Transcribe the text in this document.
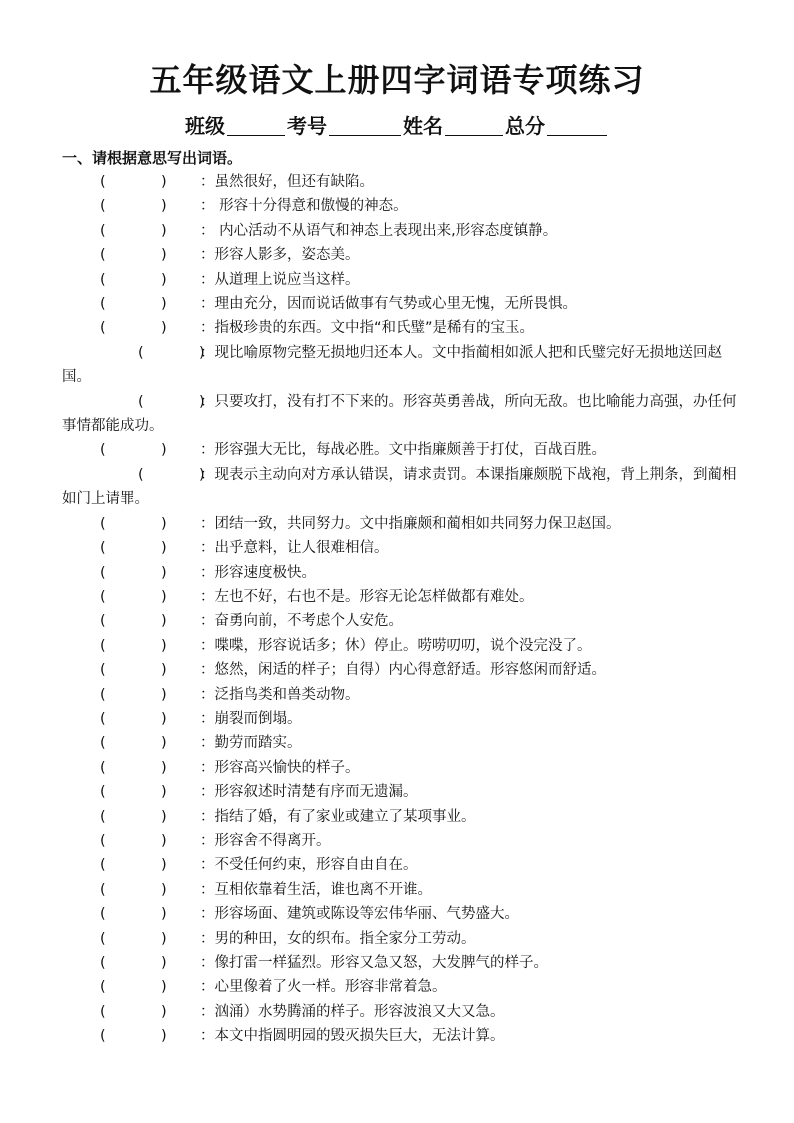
五年级语文上册四字词语专项练习
班级	考号	姓名	总分
一、请根据意思写出词语。
(            ) ：虽然很好，但还有缺陷。
(            ) ： 形容十分得意和傲慢的神态。
(            ) ： 内心活动不从语气和神态上表现出来,形容态度镇静。
(            ) ：形容人影多，姿态美。
(            ) ：从道理上说应当这样。
(            ) ：理由充分，因而说话做事有气势或心里无愧，无所畏惧。
(            ) ：指极珍贵的东西。文中指“和氏璧”是稀有的宝玉。
(            )：现比喻原物完整无损地归还本人。文中指蔺相如派人把和氏璧完好无损地送回赵国。
(            )：只要攻打，没有打不下来的。形容英勇善战，所向无敌。也比喻能力高强，办任何事情都能成功。
(            ) ：形容强大无比，每战必胜。文中指廉颇善于打仗，百战百胜。
(            )：现表示主动向对方承认错误，请求责罚。本课指廉颇脱下战袍，背上荆条，到蔺相如门上请罪。
(            ) ：团结一致，共同努力。文中指廉颇和蔺相如共同努力保卫赵国。
(            ) ：出乎意料，让人很难相信。
(            ) ：形容速度极快。
(            ) ：左也不好，右也不是。形容无论怎样做都有难处。
(            ) ：奋勇向前，不考虑个人安危。
(            ) ：喋喋，形容说话多；休）停止。唠唠叨叨，说个没完没了。
(            ) ：悠然，闲适的样子；自得）内心得意舒适。形容悠闲而舒适。
(            ) ：泛指鸟类和兽类动物。
(            ) ：崩裂而倒塌。
(            ) ：勤劳而踏实。
(            ) ：形容高兴愉快的样子。
(            ) ：形容叙述时清楚有序而无遗漏。
(            ) ：指结了婚，有了家业或建立了某项事业。
(            ) ：形容舍不得离开。
(            ) ：不受任何约束，形容自由自在。
(            ) ：互相依靠着生活，谁也离不开谁。
(            ) ：形容场面、建筑或陈设等宏伟华丽、气势盛大。
(            ) ：男的种田，女的织布。指全家分工劳动。
(            ) ：像打雷一样猛烈。形容又急又怒，大发脾气的样子。
(            ) ：心里像着了火一样。形容非常着急。
(            ) ：汹涌）水势腾涌的样子。形容波浪又大又急。
(            ) ：本文中指圆明园的毁灭损失巨大，无法计算。
